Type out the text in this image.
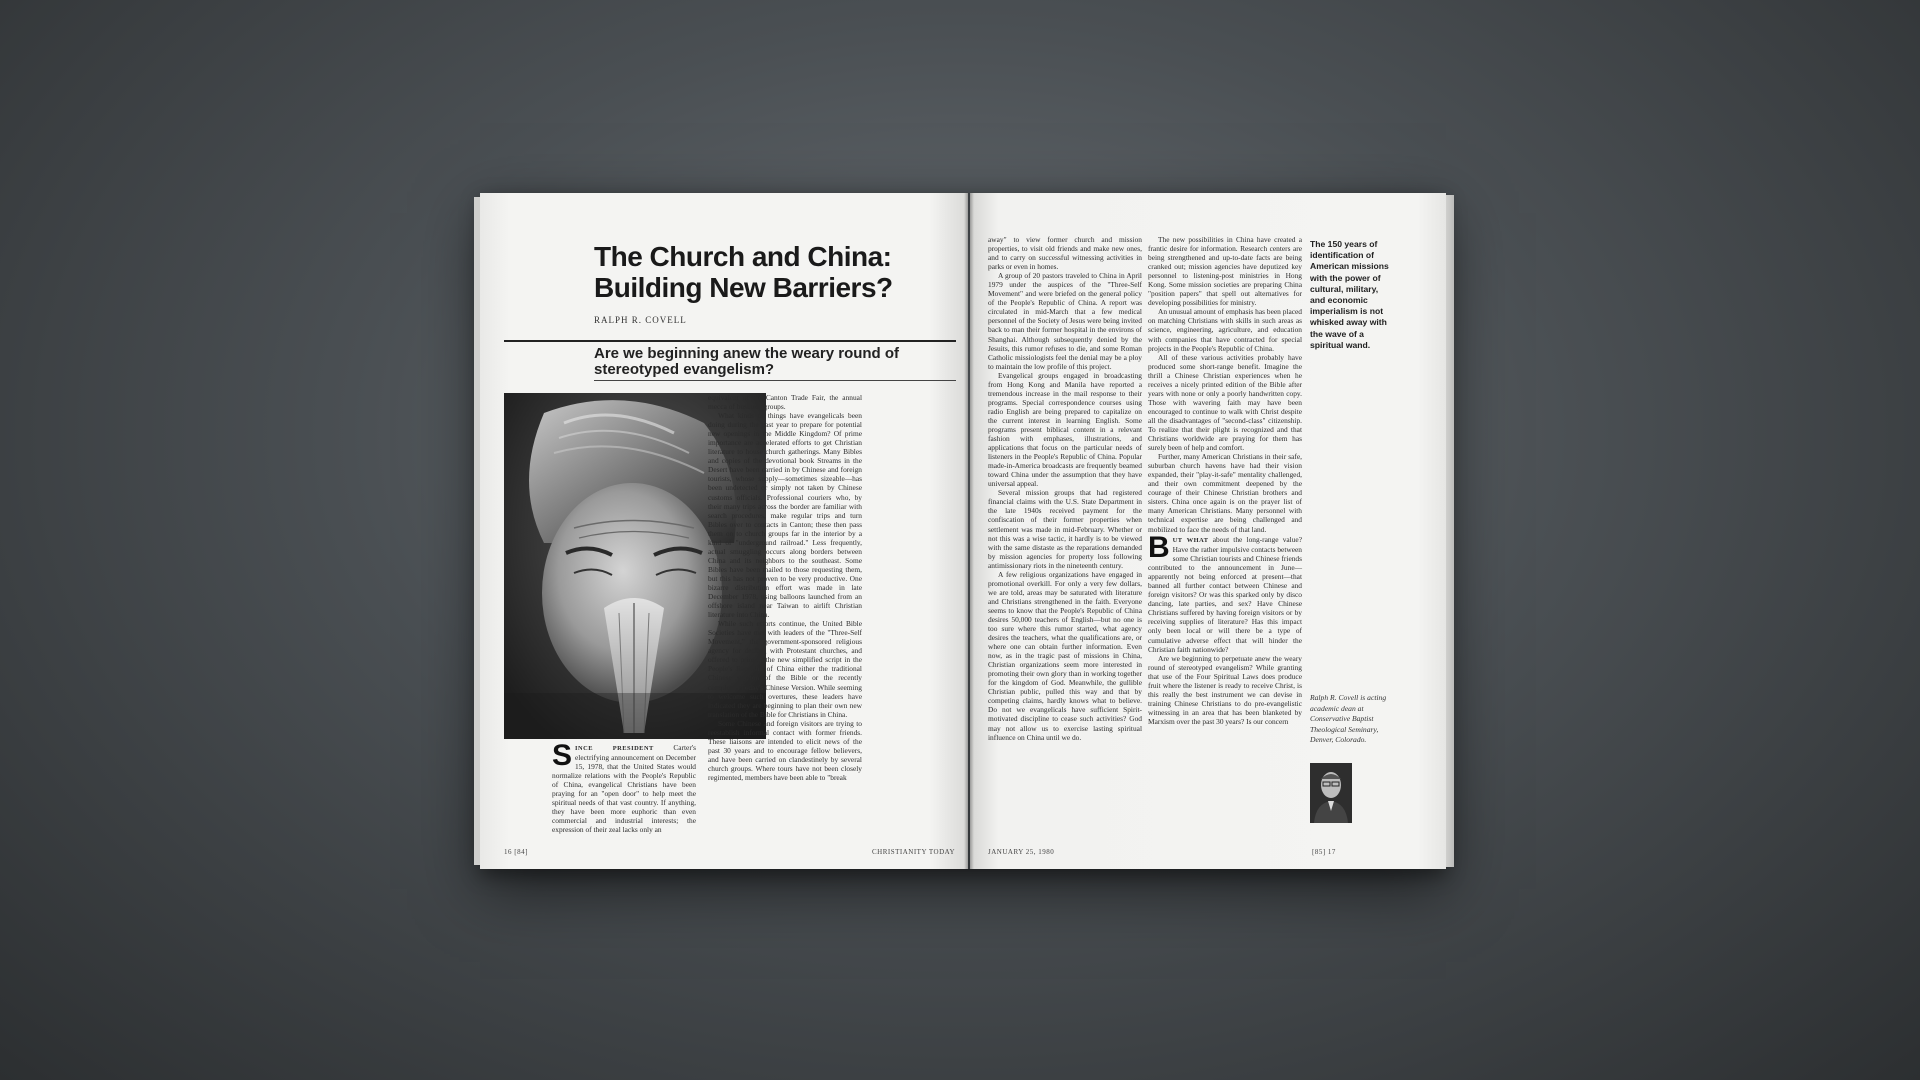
The Church and China: Building New Barriers?
RALPH R. COVELL
Are we beginning anew the weary round of stereotyped evangelism?

SINCE PRESIDENT Carter's electrifying announcement on December 15, 1978, that the United States would normalize relations with the People's Republic of China, evangelical Christians have been praying for an "open door" to help meet the spiritual needs of that vast country. If anything, they have been more euphoric than even commercial and industrial interests; the expression of their zeal lacks only an

equivalent of the Canton Trade Fair, the annual mecca of business groups.

What kinds of things have evangelicals been doing during the past year to prepare for potential new openings in the Middle Kingdom? Of prime importance are accelerated efforts to get Christian literature to house church gatherings. Many Bibles and copies of the devotional book Streams in the Desert have been carried in by Chinese and foreign tourists, whose supply—sometimes sizeable—has been undetected or simply not taken by Chinese customs officials. Professional couriers who, by their many trips across the border are familiar with search procedures, make regular trips and turn Bibles over to contacts in Canton; these then pass them on to church groups far in the interior by a kind of "underground railroad." Less frequently, actual smuggling occurs along borders between China and its neighbors to the southeast. Some Bibles have been mailed to those requesting them, but this has not proven to be very productive. One bizarre distribution effort was made in late December 1978, using balloons launched from an offshore island near Taiwan to airlift Christian literature into China.

While such efforts continue, the United Bible Societies have met with leaders of the "Three-Self Movement," the government-sponsored religious agency for dealing with Protestant churches, and offered to print in the new simplified script in the People's Republic of China either the traditional Chinese version of the Bible or the recently completed Today's Chinese Version. While seeming to welcome such overtures, these leaders have indicated they are beginning to plan their own new translation of the Bible for Christians in China.

Some Chinese and foreign visitors are trying to reestablish informal contact with former friends. These liaisons are intended to elicit news of the past 30 years and to encourage fellow believers, and have been carried on clandestinely by several church groups. Where tours have not been closely regimented, members have been able to "break

16 [84]	CHRISTIANITY TODAY

away" to view former church and mission properties, to visit old friends and make new ones, and to carry on successful witnessing activities in parks or even in homes.

A group of 20 pastors traveled to China in April 1979 under the auspices of the "Three-Self Movement" and were briefed on the general policy of the People's Republic of China. A report was circulated in mid-March that a few medical personnel of the Society of Jesus were being invited back to man their former hospital in the environs of Shanghai. Although subsequently denied by the Jesuits, this rumor refuses to die, and some Roman Catholic missiologists feel the denial may be a ploy to maintain the low profile of this project.

Evangelical groups engaged in broadcasting from Hong Kong and Manila have reported a tremendous increase in the mail response to their programs. Special correspondence courses using radio English are being prepared to capitalize on the current interest in learning English. Some programs present biblical content in a relevant fashion with emphases, illustrations, and applications that focus on the particular needs of listeners in the People's Republic of China. Popular made-in-America broadcasts are frequently beamed toward China under the assumption that they have universal appeal.

Several mission groups that had registered financial claims with the U.S. State Department in the late 1940s received payment for the confiscation of their former properties when settlement was made in mid-February. Whether or not this was a wise tactic, it hardly is to be viewed with the same distaste as the reparations demanded by mission agencies for property loss following antimissionary riots in the nineteenth century.

A few religious organizations have engaged in promotional overkill. For only a very few dollars, we are told, areas may be saturated with literature and Christians strengthened in the faith. Everyone seems to know that the People's Republic of China desires 50,000 teachers of English—but no one is too sure where this rumor started, what agency desires the teachers, what the qualifications are, or where one can obtain further information. Even now, as in the tragic past of missions in China, Christian organizations seem more interested in promoting their own glory than in working together for the kingdom of God. Meanwhile, the gullible Christian public, pulled this way and that by competing claims, hardly knows what to believe. Do not we evangelicals have sufficient Spirit-motivated discipline to cease such activities? God may not allow us to exercise lasting spiritual influence on China until we do.

The new possibilities in China have created a frantic desire for information. Research centers are being strengthened and up-to-date facts are being cranked out; mission agencies have deputized key personnel to listening-post ministries in Hong Kong. Some mission societies are preparing China "position papers" that spell out alternatives for developing possibilities for ministry.

An unusual amount of emphasis has been placed on matching Christians with skills in such areas as science, engineering, agriculture, and education with companies that have contracted for special projects in the People's Republic of China.

All of these various activities probably have produced some short-range benefit. Imagine the thrill a Chinese Christian experiences when he receives a nicely printed edition of the Bible after years with none or only a poorly handwritten copy. Those with wavering faith may have been encouraged to continue to walk with Christ despite all the disadvantages of "second-class" citizenship. To realize that their plight is recognized and that Christians worldwide are praying for them has surely been of help and comfort.

Further, many American Christians in their safe, suburban church havens have had their vision expanded, their "play-it-safe" mentality challenged, and their own commitment deepened by the courage of their Chinese Christian brothers and sisters. China once again is on the prayer list of many American Christians. Many personnel with technical expertise are being challenged and mobilized to face the needs of that land.

BUT WHAT about the long-range value? Have the rather impulsive contacts between some Christian tourists and Chinese friends contributed to the announcement in June—apparently not being enforced at present—that banned all further contact between Chinese and foreign visitors? Or was this sparked only by disco dancing, late parties, and sex? Have Chinese Christians suffered by having foreign visitors or by receiving supplies of literature? Has this impact only been local or will there be a type of cumulative adverse effect that will hinder the Christian faith nationwide?

Are we beginning to perpetuate anew the weary round of stereotyped evangelism? While granting that use of the Four Spiritual Laws does produce fruit where the listener is ready to receive Christ, is this really the best instrument we can devise in training Chinese Christians to do pre-evangelistic witnessing in an area that has been blanketed by Marxism over the past 30 years? Is our concern

The 150 years of identification of American missions with the power of cultural, military, and economic imperialism is not whisked away with the wave of a spiritual wand.
Ralph R. Covell is acting academic dean at Conservative Baptist Theological Seminary, Denver, Colorado.
JANUARY 25, 1980	[85] 17
